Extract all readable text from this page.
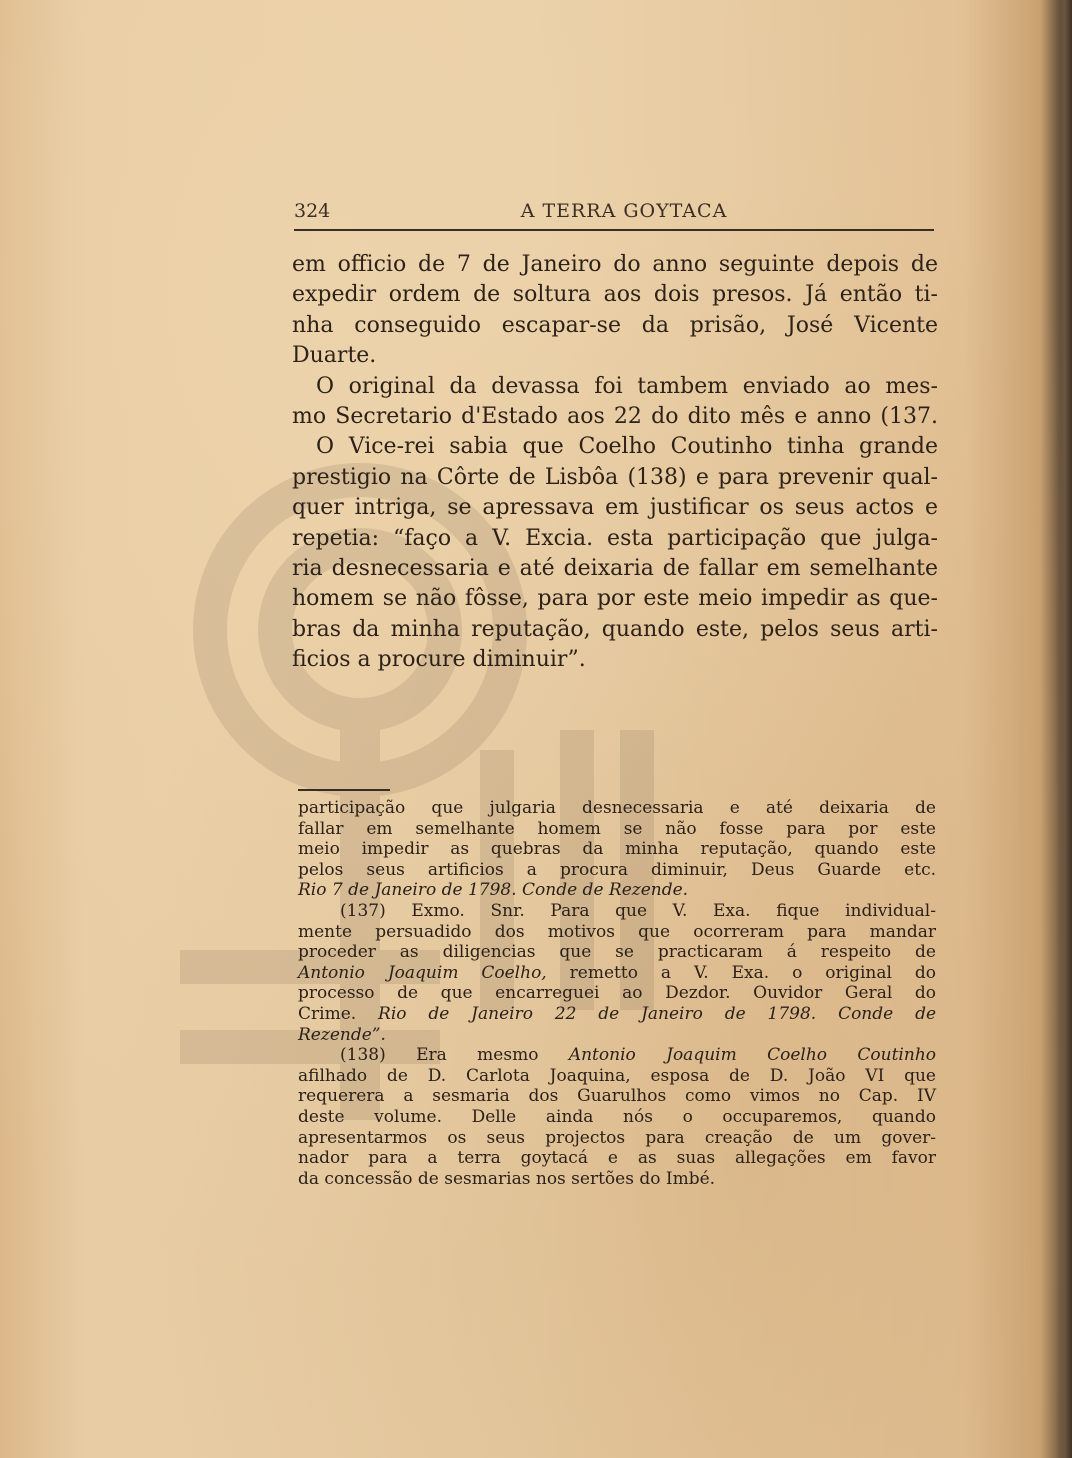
324	A TERRA GOYTACA
em officio de 7 de Janeiro do anno seguinte depois de
expedir ordem de soltura aos dois presos. Já então ti-
nha conseguido escapar-se da prisão, José Vicente
Duarte.
O original da devassa foi tambem enviado ao mes-
mo Secretario d'Estado aos 22 do dito mês e anno (137.
O Vice-rei sabia que Coelho Coutinho tinha grande
prestigio na Côrte de Lisbôa (138) e para prevenir qual-
quer intriga, se apressava em justificar os seus actos e
repetia: “faço a V. Excia. esta participação que julga-
ria desnecessaria e até deixaria de fallar em semelhante
homem se não fôsse, para por este meio impedir as que-
bras da minha reputação, quando este, pelos seus arti-
ficios a procure diminuir”.
participação que julgaria desnecessaria e até deixaria de
fallar em semelhante homem se não fosse para por este
meio impedir as quebras da minha reputação, quando este
pelos seus artificios a procura diminuir, Deus Guarde etc.
Rio 7 de Janeiro de 1798. Conde de Rezende.
(137) Exmo. Snr. Para que V. Exa. fique individual-
mente persuadido dos motivos que ocorreram para mandar
proceder as diligencias que se practicaram á respeito de
Antonio Joaquim Coelho, remetto a V. Exa. o original do
processo de que encarreguei ao Dezdor. Ouvidor Geral do
Crime. Rio de Janeiro 22 de Janeiro de 1798. Conde de
Rezende”.
(138) Era mesmo Antonio Joaquim Coelho Coutinho
afilhado de D. Carlota Joaquina, esposa de D. João VI que
requerera a sesmaria dos Guarulhos como vimos no Cap. IV
deste volume. Delle ainda nós o occuparemos, quando
apresentarmos os seus projectos para creação de um gover-
nador para a terra goytacá e as suas allegações em favor
da concessão de sesmarias nos sertões do Imbé.
